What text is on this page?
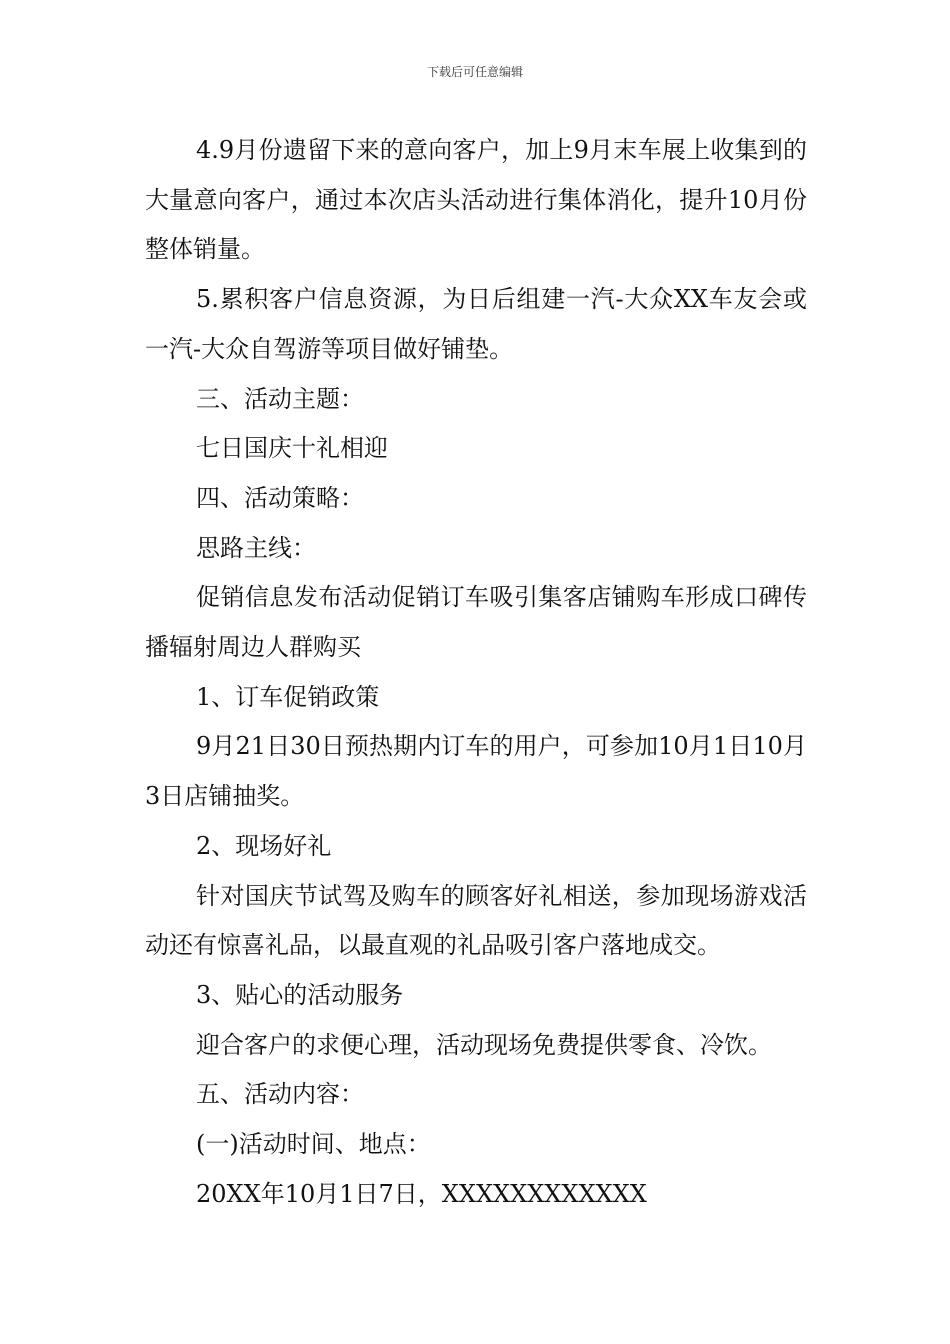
下载后可任意编辑

4.9月份遗留下来的意向客户，加上9月末车展上收集到的大量意向客户，通过本次店头活动进行集体消化，提升10月份整体销量。

5.累积客户信息资源，为日后组建一汽-大众XX车友会或一汽-大众自驾游等项目做好铺垫。

三、活动主题：

七日国庆十礼相迎

四、活动策略：

思路主线：

促销信息发布活动促销订车吸引集客店铺购车形成口碑传播辐射周边人群购买

1、订车促销政策

9月21日30日预热期内订车的用户，可参加10月1日10月3日店铺抽奖。

2、现场好礼

针对国庆节试驾及购车的顾客好礼相送，参加现场游戏活动还有惊喜礼品，以最直观的礼品吸引客户落地成交。

3、贴心的活动服务

迎合客户的求便心理，活动现场免费提供零食、冷饮。

五、活动内容：

(一)活动时间、地点：

20XX年10月1日7日，XXXXXXXXXXXX
